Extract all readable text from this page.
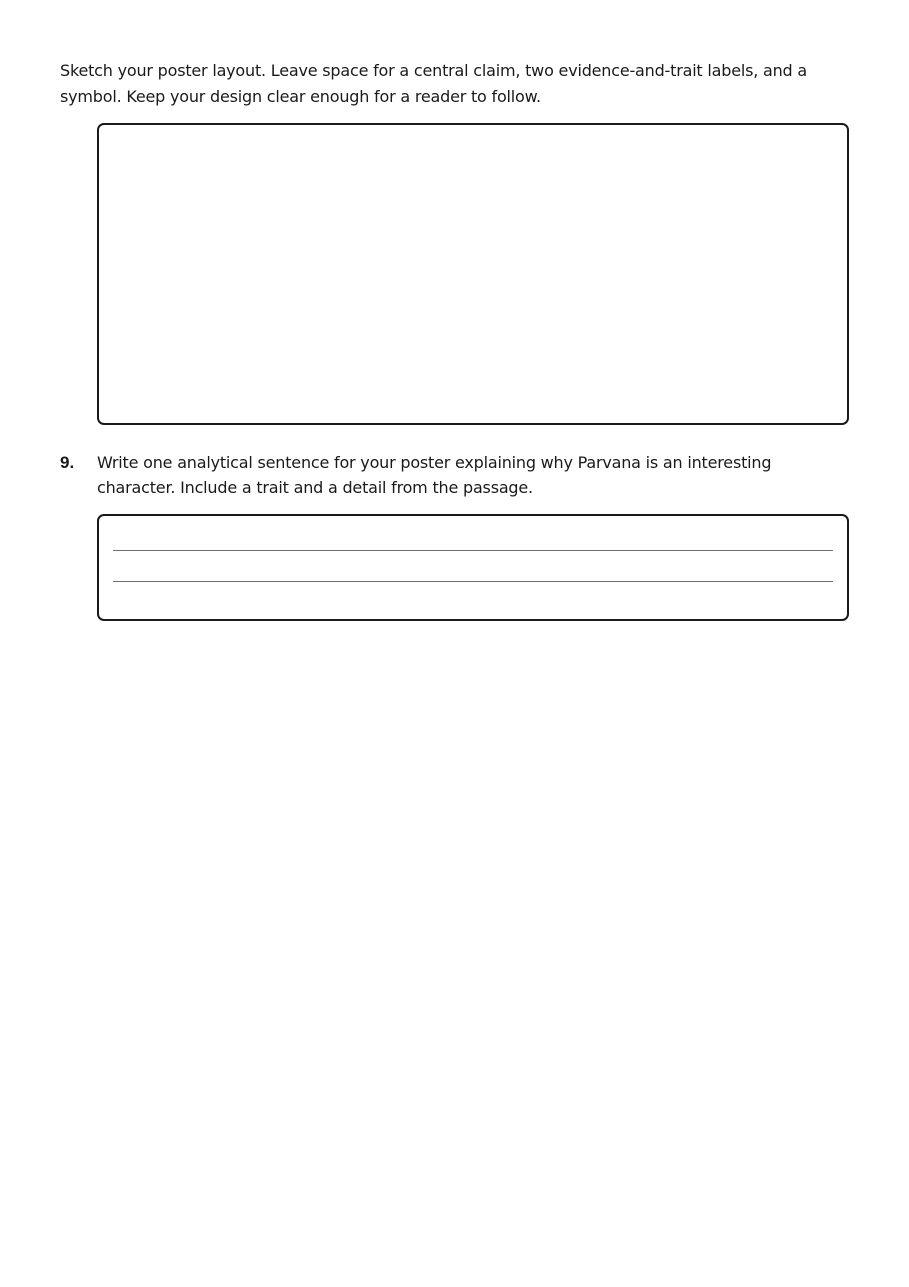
Sketch your poster layout. Leave space for a central claim, two evidence-and-trait labels, and a symbol. Keep your design clear enough for a reader to follow.

9. Write one analytical sentence for your poster explaining why Parvana is an interesting character. Include a trait and a detail from the passage.
